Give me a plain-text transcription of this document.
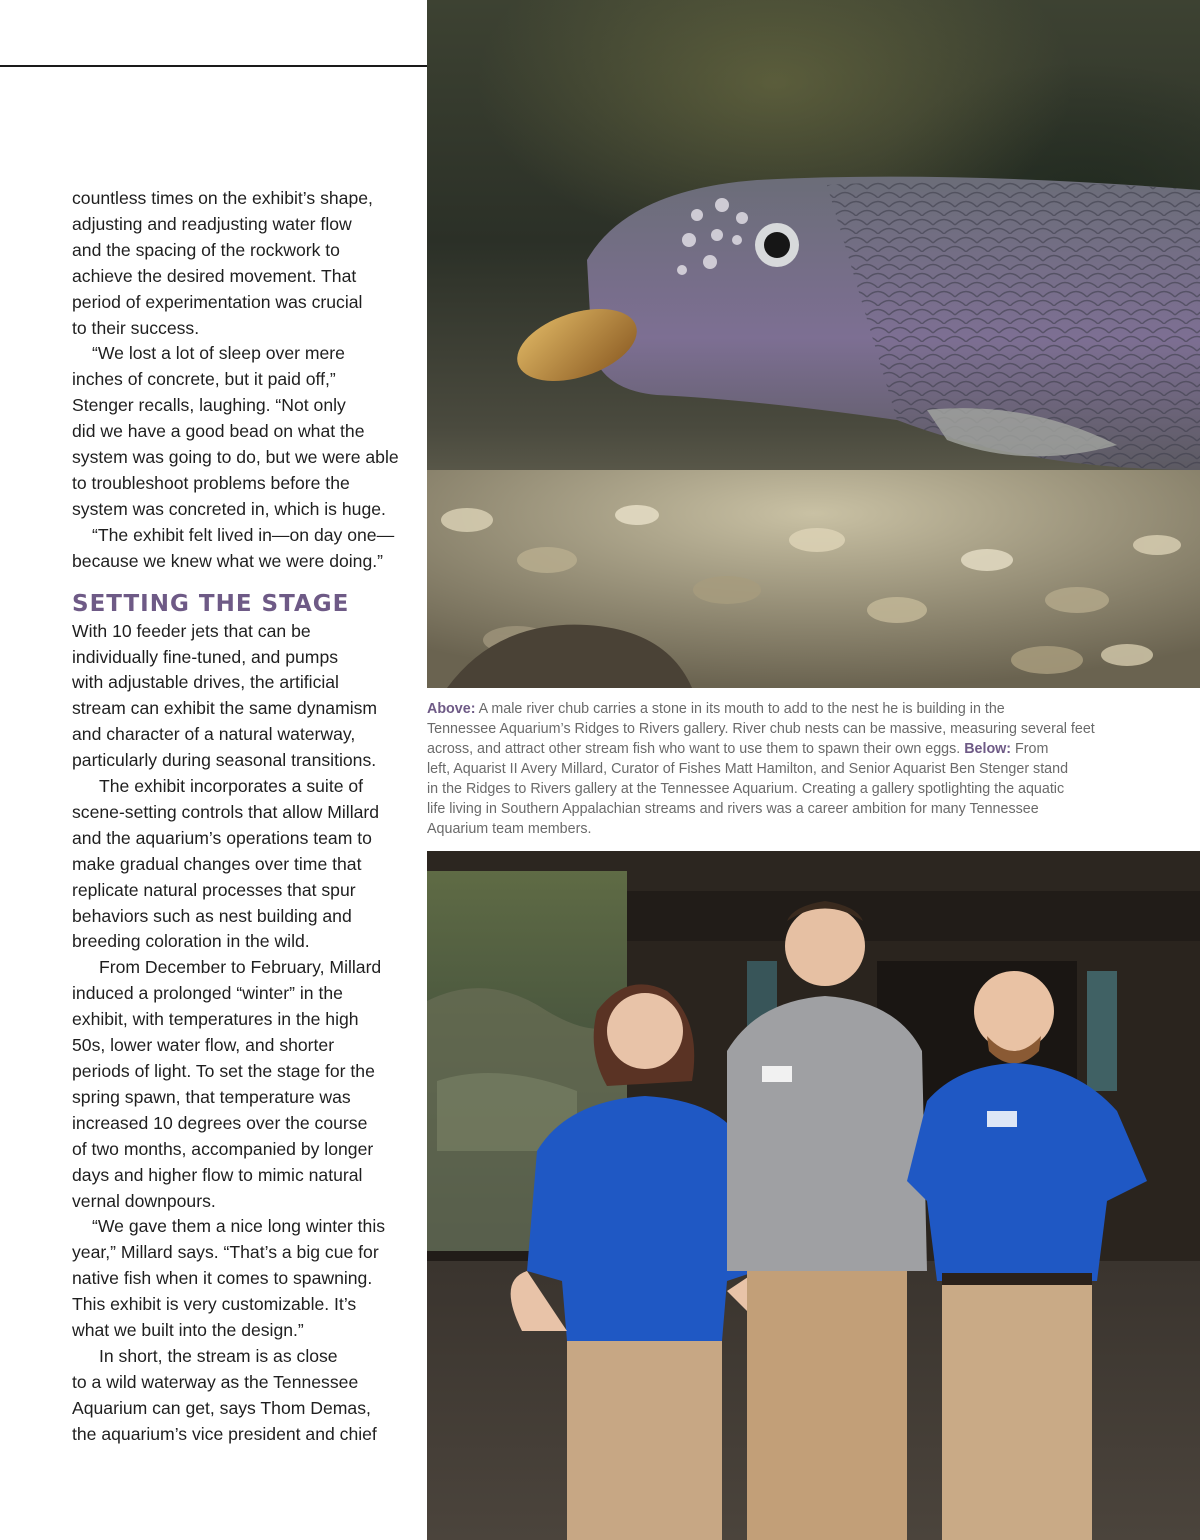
countless times on the exhibit’s shape,
adjusting and readjusting water flow
and the spacing of the rockwork to
achieve the desired movement. That
period of experimentation was crucial
to their success.
“We lost a lot of sleep over mere
inches of concrete, but it paid off,”
Stenger recalls, laughing. “Not only
did we have a good bead on what the
system was going to do, but we were able
to troubleshoot problems before the
system was concreted in, which is huge.
“The exhibit felt lived in—on day one—
because we knew what we were doing.”
SETTING THE STAGE
With 10 feeder jets that can be
individually fine-tuned, and pumps
with adjustable drives, the artificial
stream can exhibit the same dynamism
and character of a natural waterway,
particularly during seasonal transitions.
The exhibit incorporates a suite of
scene-setting controls that allow Millard
and the aquarium’s operations team to
make gradual changes over time that
replicate natural processes that spur
behaviors such as nest building and
breeding coloration in the wild.
From December to February, Millard
induced a prolonged “winter” in the
exhibit, with temperatures in the high
50s, lower water flow, and shorter
periods of light. To set the stage for the
spring spawn, that temperature was
increased 10 degrees over the course
of two months, accompanied by longer
days and higher flow to mimic natural
vernal downpours.
“We gave them a nice long winter this
year,” Millard says. “That’s a big cue for
native fish when it comes to spawning.
This exhibit is very customizable. It’s
what we built into the design.”
In short, the stream is as close
to a wild waterway as the Tennessee
Aquarium can get, says Thom Demas,
the aquarium’s vice president and chief
Above: A male river chub carries a stone in its mouth to add to the nest he is building in the
Tennessee Aquarium’s Ridges to Rivers gallery. River chub nests can be massive, measuring several feet
across, and attract other stream fish who want to use them to spawn their own eggs. Below: From
left, Aquarist II Avery Millard, Curator of Fishes Matt Hamilton, and Senior Aquarist Ben Stenger stand
in the Ridges to Rivers gallery at the Tennessee Aquarium. Creating a gallery spotlighting the aquatic
life living in Southern Appalachian streams and rivers was a career ambition for many Tennessee
Aquarium team members.
